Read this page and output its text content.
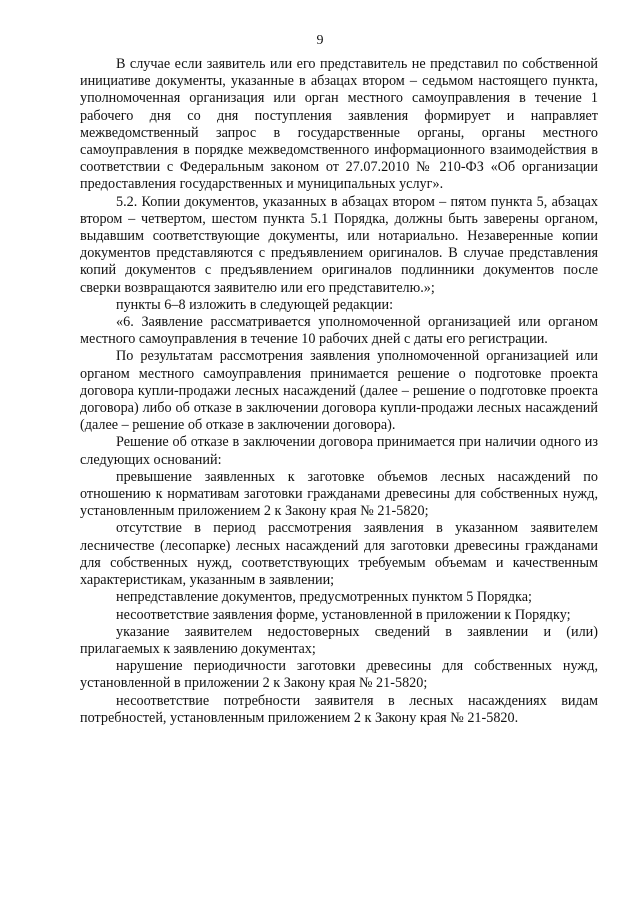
9

В случае если заявитель или его представитель не представил по собственной инициативе документы, указанные в абзацах втором – седьмом настоящего пункта, уполномоченная организация или орган местного самоуправления в течение 1 рабочего дня со дня поступления заявления формирует и направляет межведомственный запрос в государственные органы, органы местного самоуправления в порядке межведомственного информационного взаимодействия в соответствии с Федеральным законом от 27.07.2010 № 210-ФЗ «Об организации предоставления государственных и муниципальных услуг».

5.2. Копии документов, указанных в абзацах втором – пятом пункта 5, абзацах втором – четвертом, шестом пункта 5.1 Порядка, должны быть заверены органом, выдавшим соответствующие документы, или нотариально. Незаверенные копии документов представляются с предъявлением оригиналов. В случае представления копий документов с предъявлением оригиналов подлинники документов после сверки возвращаются заявителю или его представителю.»;

пункты 6–8 изложить в следующей редакции:

«6. Заявление рассматривается уполномоченной организацией или органом местного самоуправления в течение 10 рабочих дней с даты его регистрации.

По результатам рассмотрения заявления уполномоченной организацией или органом местного самоуправления принимается решение о подготовке проекта договора купли-продажи лесных насаждений (далее – решение о подготовке проекта договора) либо об отказе в заключении договора купли-продажи лесных насаждений (далее – решение об отказе в заключении договора).

Решение об отказе в заключении договора принимается при наличии одного из следующих оснований:

превышение заявленных к заготовке объемов лесных насаждений по отношению к нормативам заготовки гражданами древесины для собственных нужд, установленным приложением 2 к Закону края № 21-5820;

отсутствие в период рассмотрения заявления в указанном заявителем лесничестве (лесопарке) лесных насаждений для заготовки древесины гражданами для собственных нужд, соответствующих требуемым объемам и качественным характеристикам, указанным в заявлении;

непредставление документов, предусмотренных пунктом 5 Порядка;

несоответствие заявления форме, установленной в приложении к Порядку;

указание заявителем недостоверных сведений в заявлении и (или) прилагаемых к заявлению документах;

нарушение периодичности заготовки древесины для собственных нужд, установленной в приложении 2 к Закону края № 21-5820;

несоответствие потребности заявителя в лесных насаждениях видам потребностей, установленным приложением 2 к Закону края № 21-5820.
